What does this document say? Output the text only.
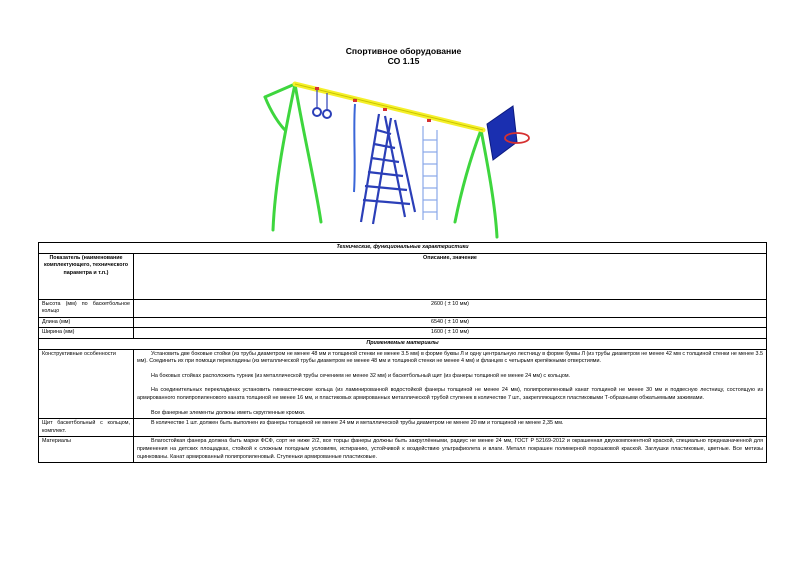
Спортивное оборудование
СО 1.15
Технические, функциональные характеристики	
Показатель (наименование комплектующего, технического параметра и т.п.)	Описание, значение
Высота (мм) по баскетбольное кольцо	2600 ( ± 10 мм)
Длина (мм)	6540 ( ± 10 мм)
Ширина (мм)	1600 ( ± 10 мм)
Применяемые материалы	
Конструктивные особенности	Установить две боковые стойки (из трубы диаметром не менее 48 мм и толщиной стенки не менее 3.5 мм) в форме буквы Л и одну центральную лестницу в форме буквы Л (из трубы диаметром не менее 42 мм с толщиной стенки не менее 3.5 мм). Соединить их при помощи перекладины (из металлической трубы диаметром не менее 48 мм и толщиной стенки не менее 4 мм) и фланцев с четырьмя крепёжными отверстиями.

На боковых стойках расположить турник (из металлической трубы сечением не менее 32 мм) и баскетбольный щит (из фанеры толщиной не менее 24 мм) с кольцом.

На соединительных перекладинах установить гимнастические кольца (из ламинированной водостойкой фанеры толщиной не менее 24 мм), полипропиленовый канат толщиной не менее 30 мм и подвесную лестницу, состоящую из армированного полипропиленового каната толщиной не менее 16 мм, и пластиковых армированных металлической трубой ступенек в количестве 7 шт., закрепляющихся пластиковыми Т-образными обжатыемыми зажимами.

Все фанерные элементы должны иметь скругленные кромки.

Щит баскетбольный с кольцом, комплект.	В количестве 1 шт. должен быть выполнен из фанеры толщиной не менее 24 мм и металлической трубы диаметром не менее 20 мм и толщиной не менее 2,35 мм.

Материалы	Влагостойкая фанера должна быть марки ФСФ, сорт не ниже 2/2, все торцы фанеры должны быть закруглёнными, радиус не менее 24 мм, ГОСТ Р 52169-2012 и окрашенная двухкомпонентной краской, специально предназначенной для применения на детских площадках, стойкой к сложным погодным условиям, истиранию, устойчивой к воздействию ультрафиолета и влаги. Металл покрашен полимерной порошковой краской. Заглушки пластиковые, цветные. Все метизы оцинкованы. Канат армированный полипропиленовый. Ступеньки армированные пластиковые.
